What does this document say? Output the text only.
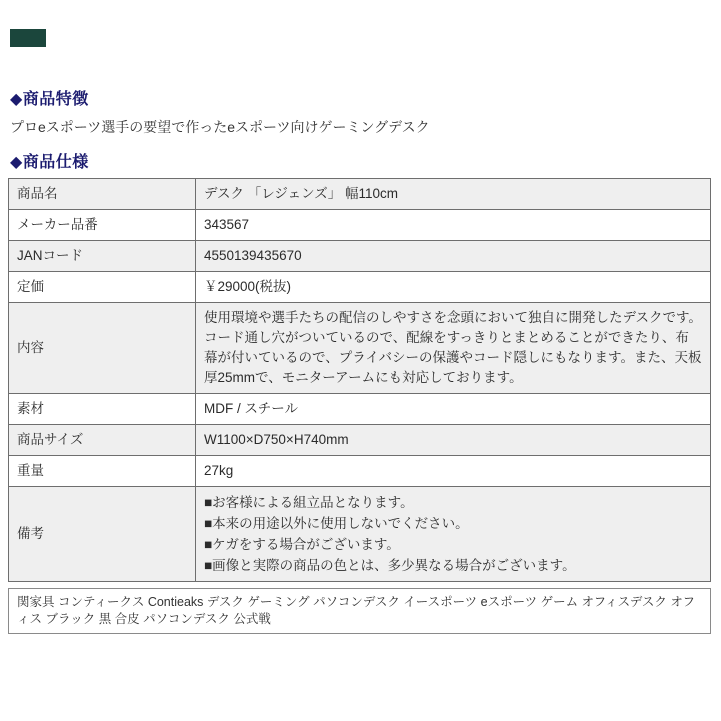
◆商品特徴

プロeスポーツ選手の要望で作ったeスポーツ向けゲーミングデスク

◆商品仕様
商品名	デスク 「レジェンズ」 幅110cm
メーカー品番	343567
JANコード	4550139435670
定価	￥29000(税抜)
内容	使用環境や選手たちの配信のしやすさを念頭において独自に開発したデスクです。コード通し穴がついているので、配線をすっきりとまとめることができたり、布幕が付いているので、プライバシーの保護やコード隠しにもなります。また、天板厚25mmで、モニターアームにも対応しております。
素材	MDF / スチール
商品サイズ	W1100×D750×H740mm
重量	27kg
備考	■お客様による組立品となります。
■本来の用途以外に使用しないでください。
■ケガをする場合がございます。
■画像と実際の商品の色とは、多少異なる場合がございます。
関家具 コンティークス Contieaks デスク ゲーミング パソコンデスク イースポーツ eスポーツ ゲーム オフィスデスク オフィス ブラック 黒 合皮 パソコンデスク 公式戦
